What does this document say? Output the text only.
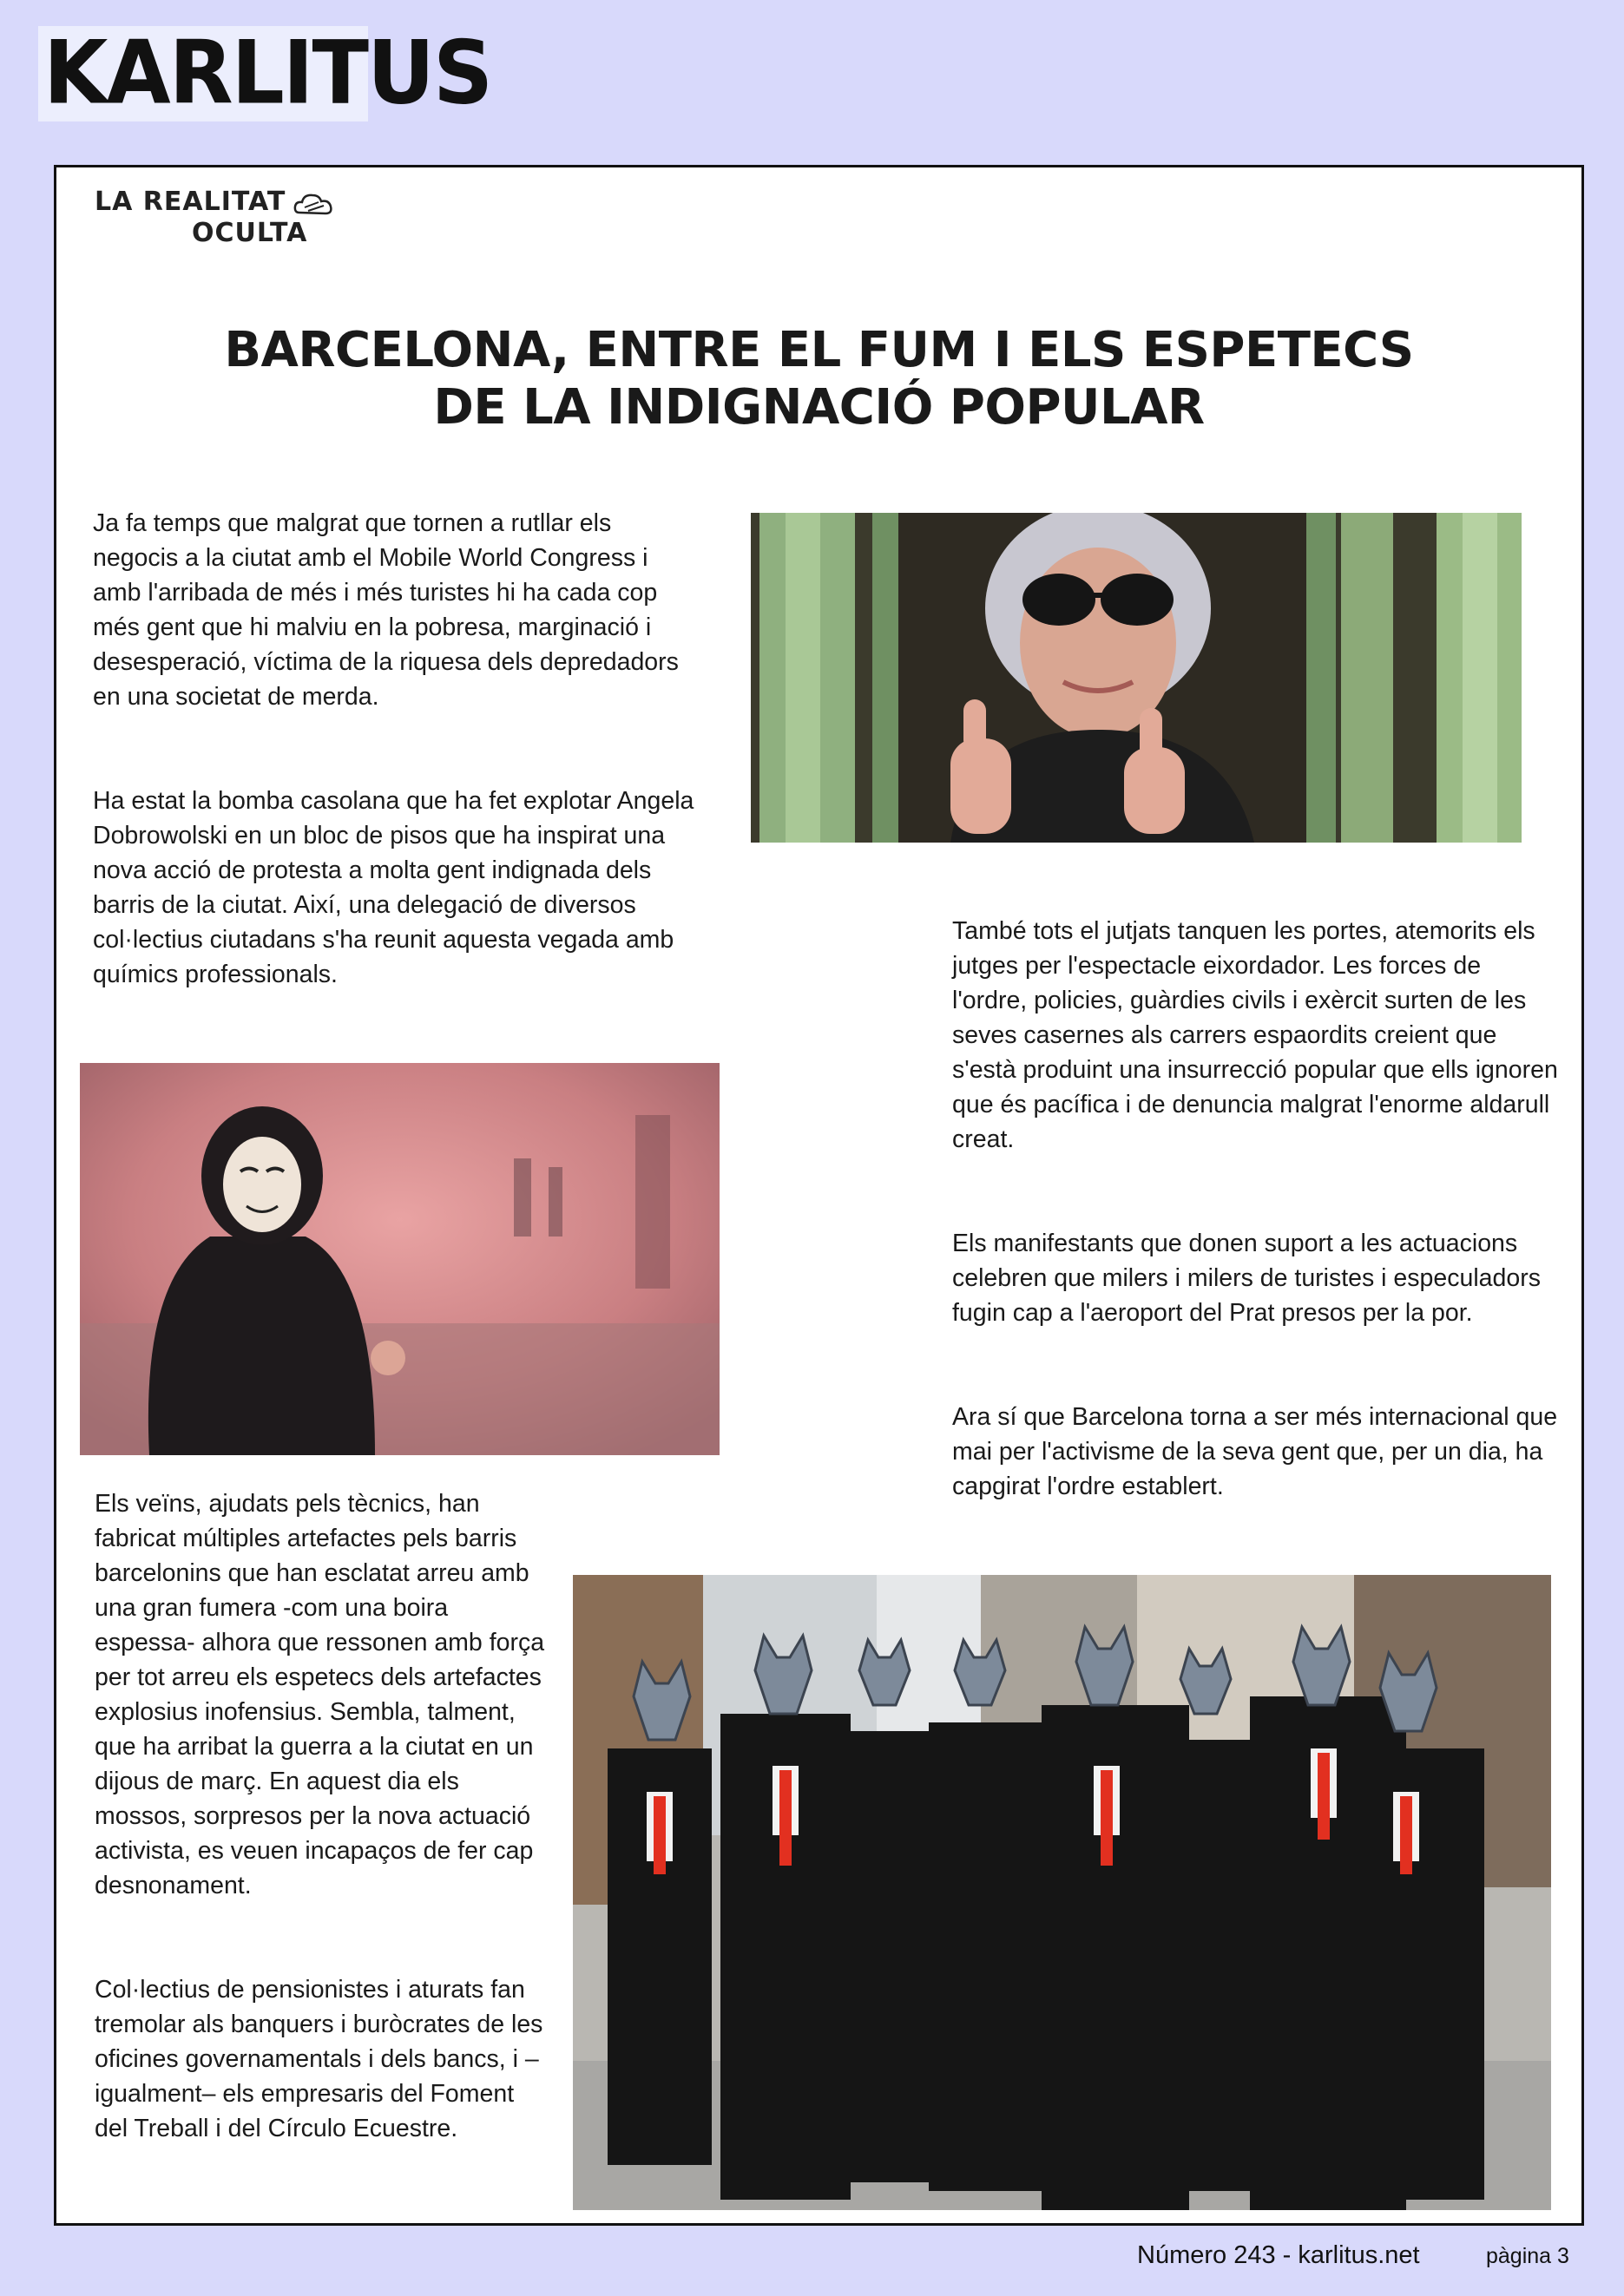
KARLITUS
LA REALITAT
OCULTA
BARCELONA, ENTRE EL FUM I ELS ESPETECS
DE LA INDIGNACIÓ POPULAR

Ja fa temps que malgrat que tornen a rutllar els negocis a la ciutat amb el Mobile World Congress i amb l'arribada de més i més turistes hi ha cada cop més gent que hi malviu en la pobresa, marginació i desesperació, víctima de la riquesa dels depredadors en una societat de merda.

Ha estat la bomba casolana que ha fet explotar Angela Dobrowolski en un bloc de pisos que ha inspirat una nova acció de protesta a molta gent indignada dels barris de la ciutat. Així, una delegació de diversos col·lectius ciutadans s'ha reunit aquesta vegada amb químics professionals.

Els veïns, ajudats pels tècnics, han fabricat múltiples artefactes pels barris barcelonins que han esclatat arreu amb una gran fumera -com una boira espessa- alhora que ressonen amb força per tot arreu els espetecs dels artefactes explosius inofensius. Sembla, talment, que ha arribat la guerra a la ciutat en un dijous de març. En aquest dia els mossos, sorpresos per la nova actuació activista, es veuen incapaços de fer cap desnonament.

Col·lectius de pensionistes i aturats fan tremolar als banquers i buròcrates de les oficines governamentals i dels bancs, i –igualment– els empresaris del Foment del Treball i del Círculo Ecuestre.

També tots el jutjats tanquen les portes, atemorits els jutges per l'espectacle eixordador. Les forces de l'ordre, policies, guàrdies civils i exèrcit surten de les seves casernes als carrers espaordits creient que s'està produint una insurrecció popular que ells ignoren que és pacífica i de denuncia malgrat l'enorme aldarull creat.

Els manifestants que donen suport a les actuacions celebren que milers i milers de turistes i especuladors fugin cap a l'aeroport del Prat presos per la por.

Ara sí que Barcelona torna a ser més internacional que mai per l'activisme de la seva gent que, per un dia, ha capgirat l'ordre establert.

Número 243 - karlitus.net	pàgina 3
